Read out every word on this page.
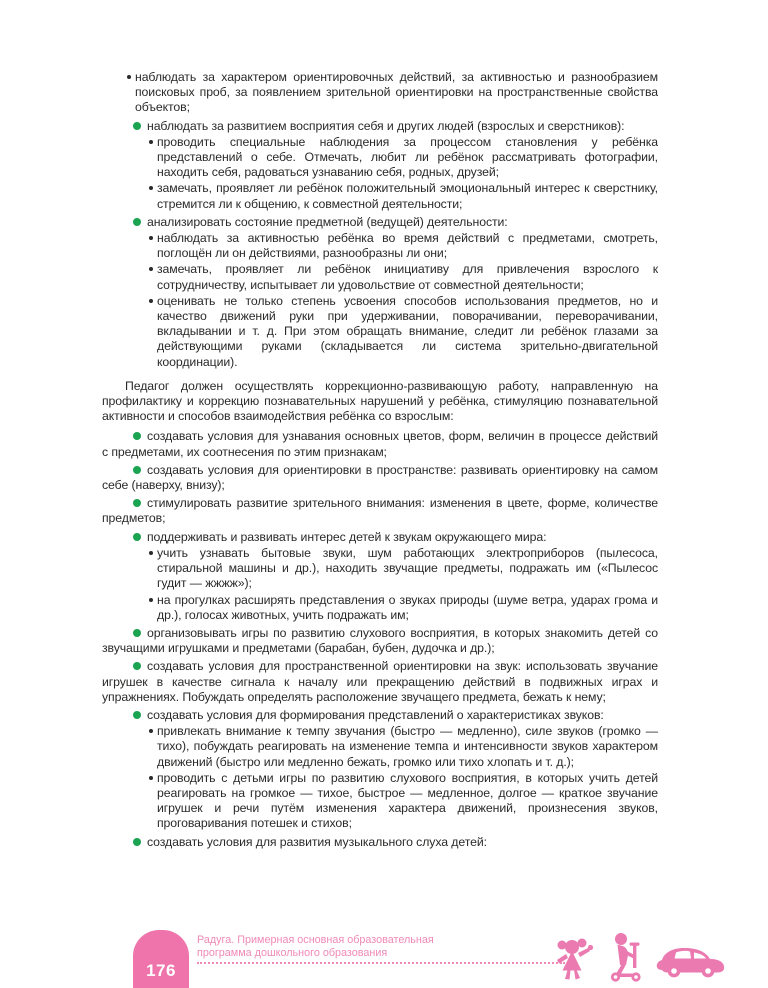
наблюдать за характером ориентировочных действий, за активностью и разнообразием поисковых проб, за появлением зрительной ориентировки на пространственные свойства объектов;

наблюдать за развитием восприятия себя и других людей (взрослых и сверстников):

проводить специальные наблюдения за процессом становления у ребёнка представлений о себе. Отмечать, любит ли ребёнок рассматривать фотографии, находить себя, радоваться узнаванию себя, родных, друзей;

замечать, проявляет ли ребёнок положительный эмоциональный интерес к сверстнику, стремится ли к общению, к совместной деятельности;

анализировать состояние предметной (ведущей) деятельности:

наблюдать за активностью ребёнка во время действий с предметами, смотреть, поглощён ли он действиями, разнообразны ли они;

замечать, проявляет ли ребёнок инициативу для привлечения взрослого к сотрудничеству, испытывает ли удовольствие от совместной деятельности;

оценивать не только степень усвоения способов использования предметов, но и качество движений руки при удерживании, поворачивании, переворачивании, вкладывании и т. д. При этом обращать внимание, следит ли ребёнок глазами за действующими руками (складывается ли система зрительно-двигательной координации).

Педагог должен осуществлять коррекционно-развивающую работу, направленную на профилактику и коррекцию познавательных нарушений у ребёнка, стимуляцию познавательной активности и способов взаимодействия ребёнка со взрослым:

создавать условия для узнавания основных цветов, форм, величин в процессе действий с предметами, их соотнесения по этим признакам;

создавать условия для ориентировки в пространстве: развивать ориентировку на самом себе (наверху, внизу);

стимулировать развитие зрительного внимания: изменения в цвете, форме, количестве предметов;

поддерживать и развивать интерес детей к звукам окружающего мира:

учить узнавать бытовые звуки, шум работающих электроприборов (пылесоса, стиральной машины и др.), находить звучащие предметы, подражать им («Пылесос гудит — жжжж»);

на прогулках расширять представления о звуках природы (шуме ветра, ударах грома и др.), голосах животных, учить подражать им;

организовывать игры по развитию слухового восприятия, в которых знакомить детей со звучащими игрушками и предметами (барабан, бубен, дудочка и др.);

создавать условия для пространственной ориентировки на звук: использовать звучание игрушек в качестве сигнала к началу или прекращению действий в подвижных играх и упражнениях. Побуждать определять расположение звучащего предмета, бежать к нему;

создавать условия для формирования представлений о характеристиках звуков:

привлекать внимание к темпу звучания (быстро — медленно), силе звуков (громко — тихо), побуждать реагировать на изменение темпа и интенсивности звуков характером движений (быстро или медленно бежать, громко или тихо хлопать и т. д.);

проводить с детьми игры по развитию слухового восприятия, в которых учить детей реагировать на громкое — тихое, быстрое — медленное, долгое — краткое звучание игрушек и речи путём изменения характера движений, произнесения звуков, проговаривания потешек и стихов;

создавать условия для развития музыкального слуха детей:

176
Радуга. Примерная основная образовательная
программа дошкольного образования
